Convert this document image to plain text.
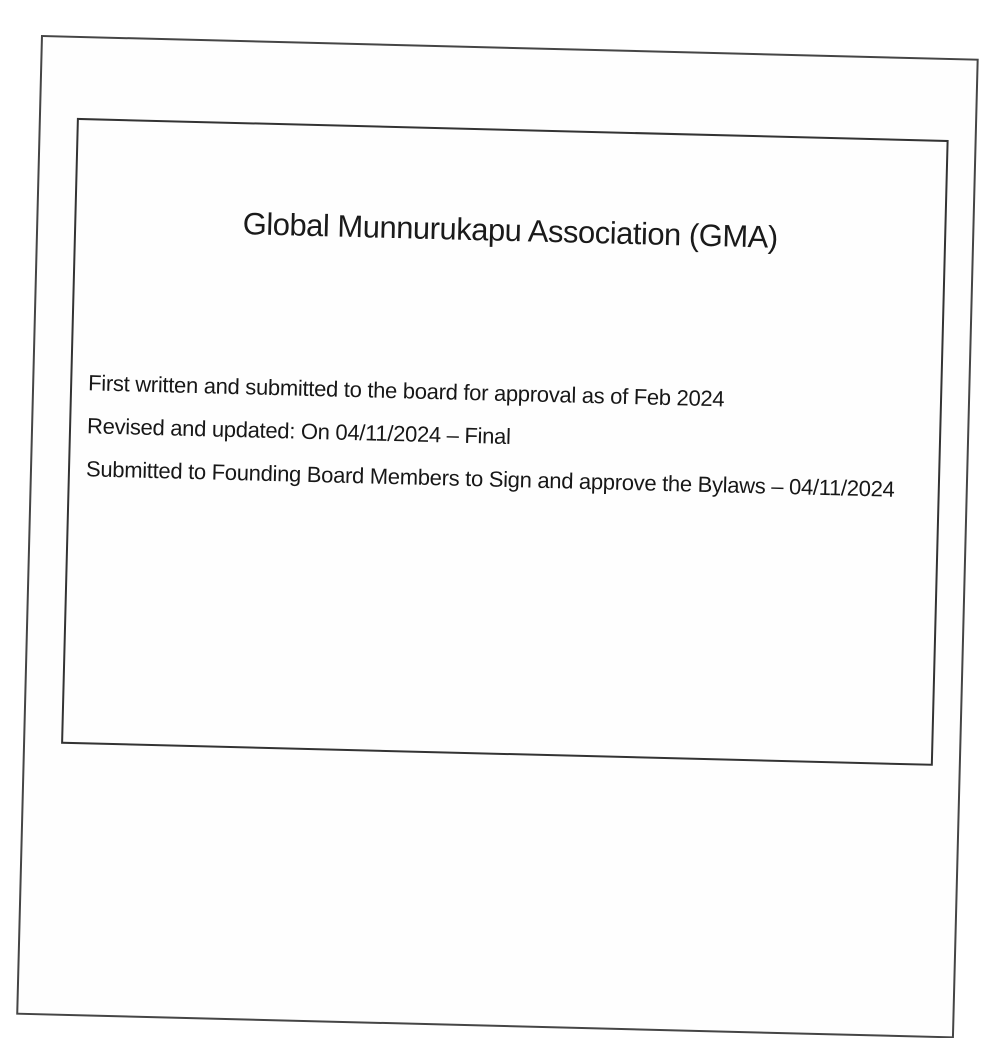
Global Munnurukapu Association (GMA)

First written and submitted to the board for approval as of Feb 2024

Revised and updated: On 04/11/2024 – Final

Submitted to Founding Board Members to Sign and approve the Bylaws – 04/11/2024
